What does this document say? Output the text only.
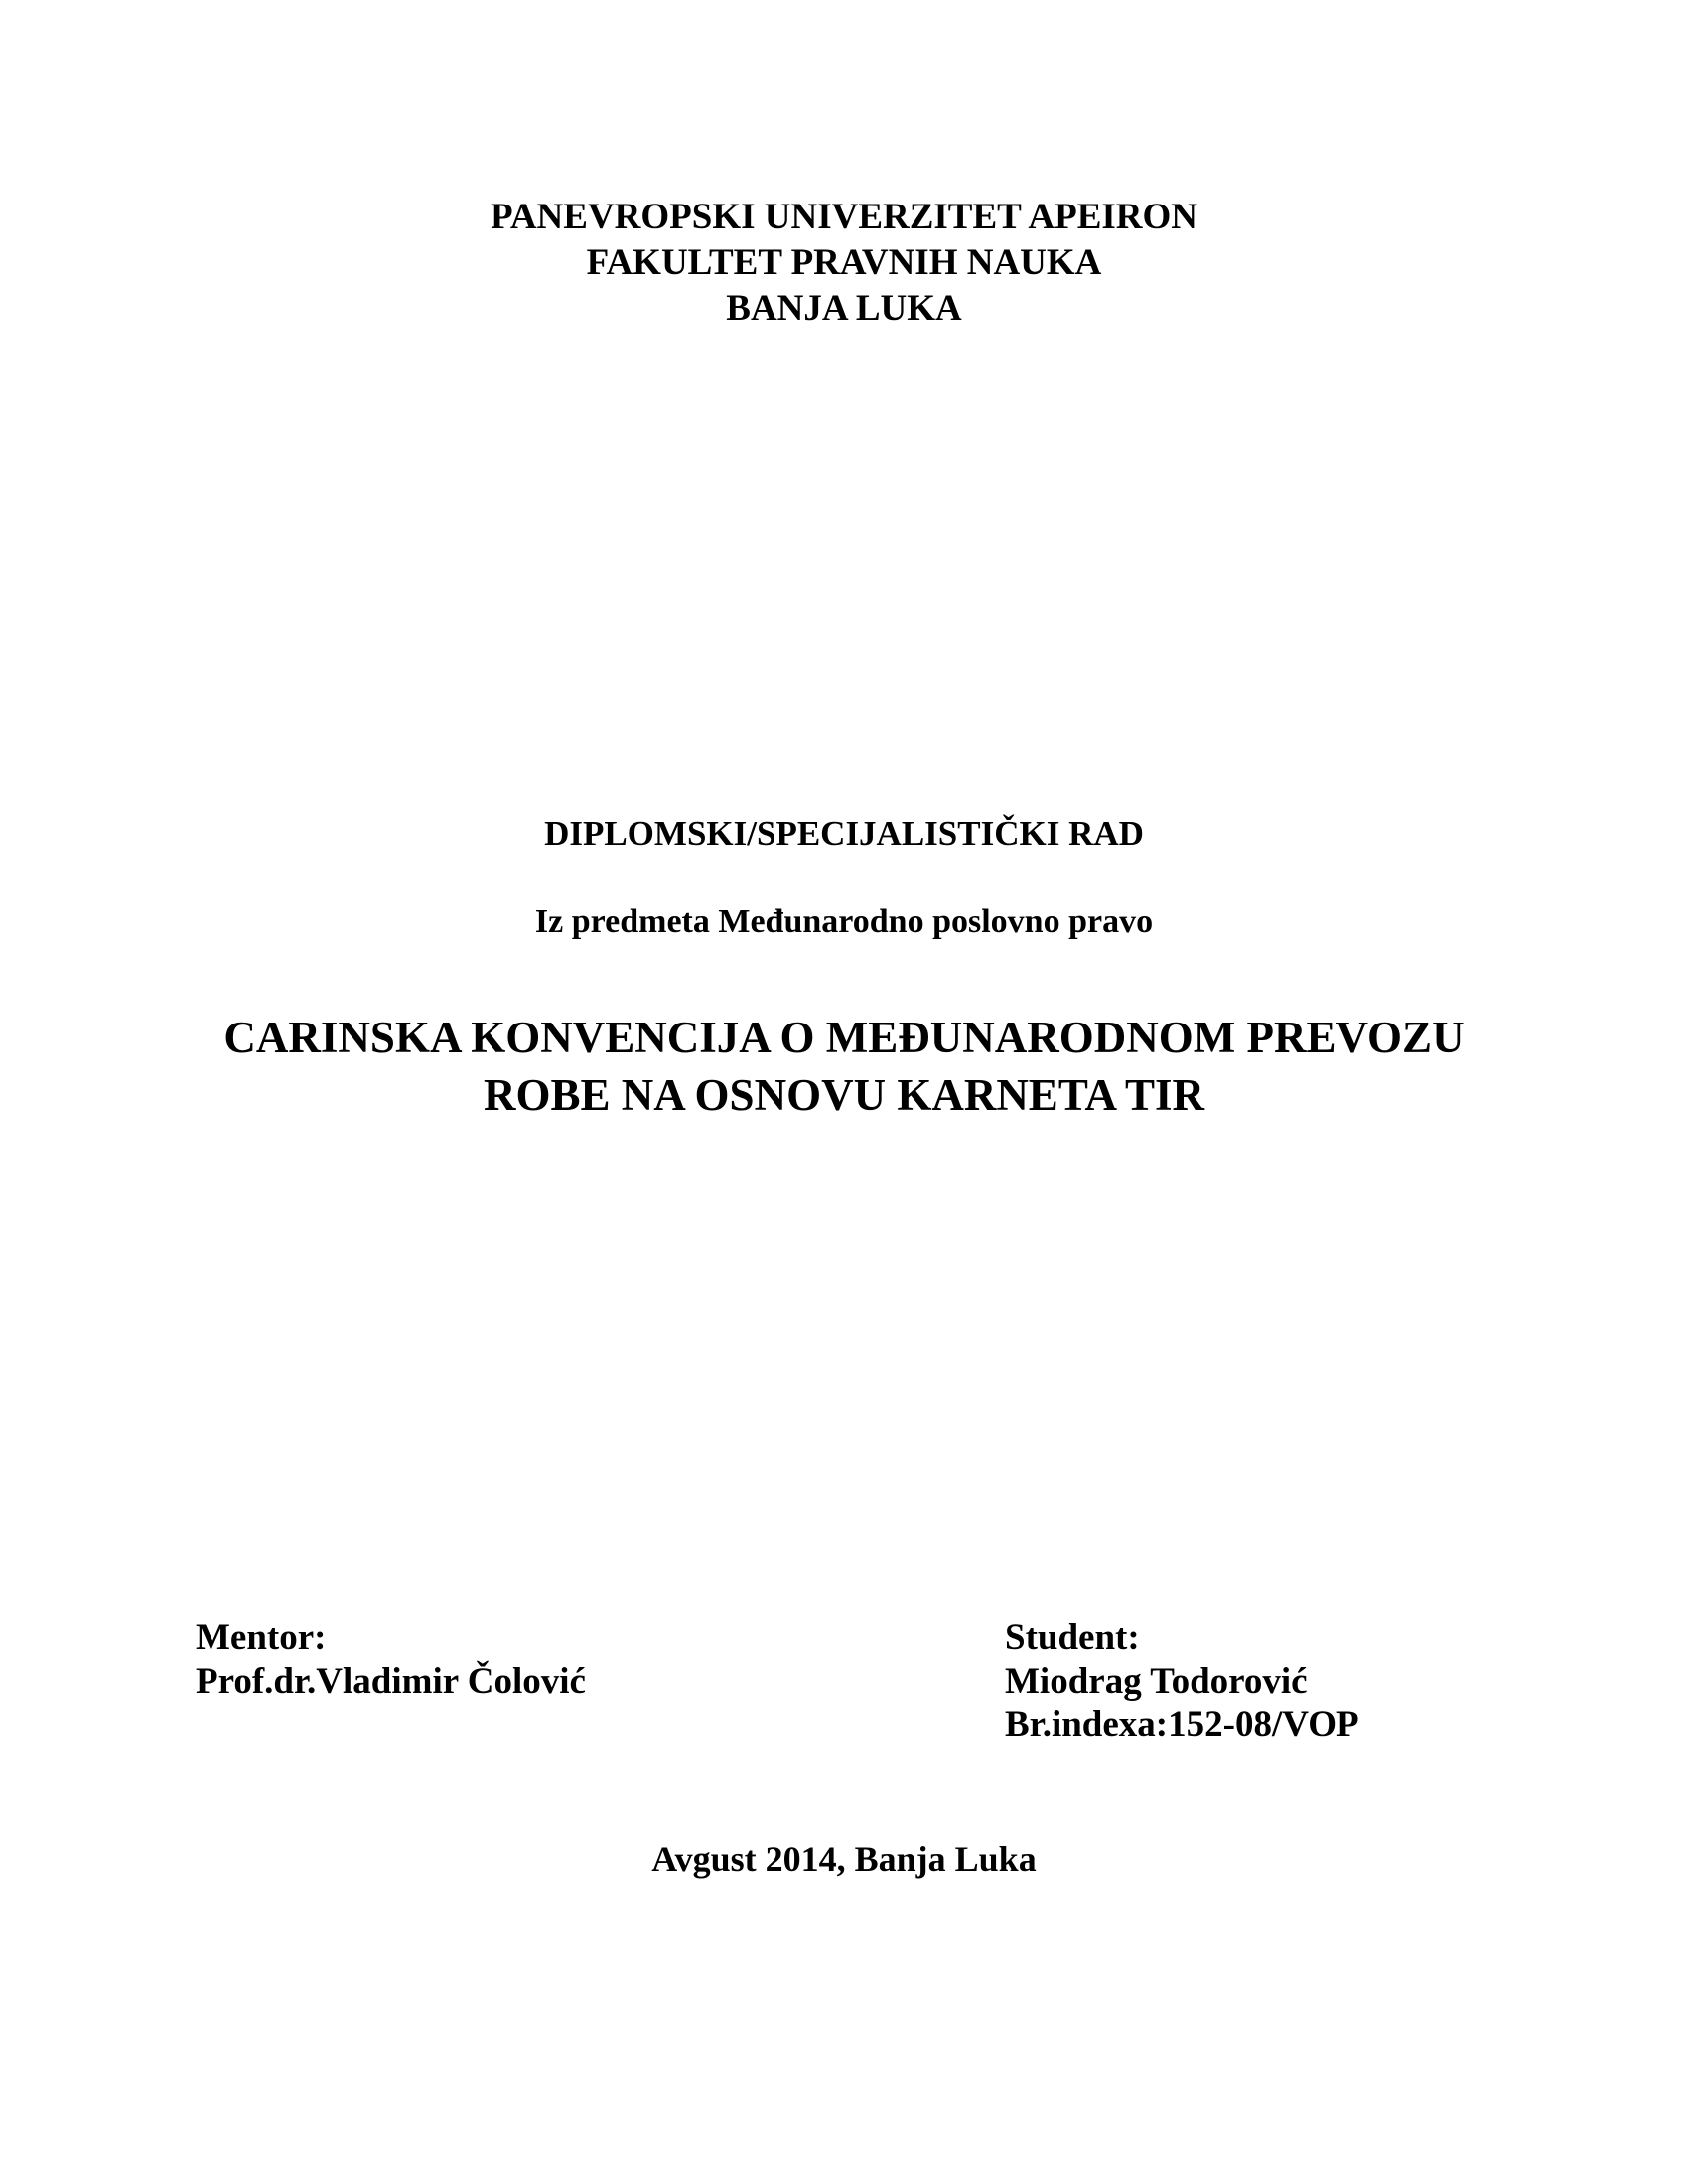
PANEVROPSKI UNIVERZITET APEIRON
FAKULTET PRAVNIH NAUKA
BANJA LUKA
DIPLOMSKI/SPECIJALISTIČKI RAD
Iz predmeta Međunarodno poslovno pravo
CARINSKA KONVENCIJA O MEĐUNARODNOM PREVOZU
ROBE NA OSNOVU KARNETA TIR
Mentor:
Prof.dr.Vladimir Čolović
Student:
Miodrag Todorović
Br.indexa:152-08/VOP
Avgust 2014, Banja Luka
